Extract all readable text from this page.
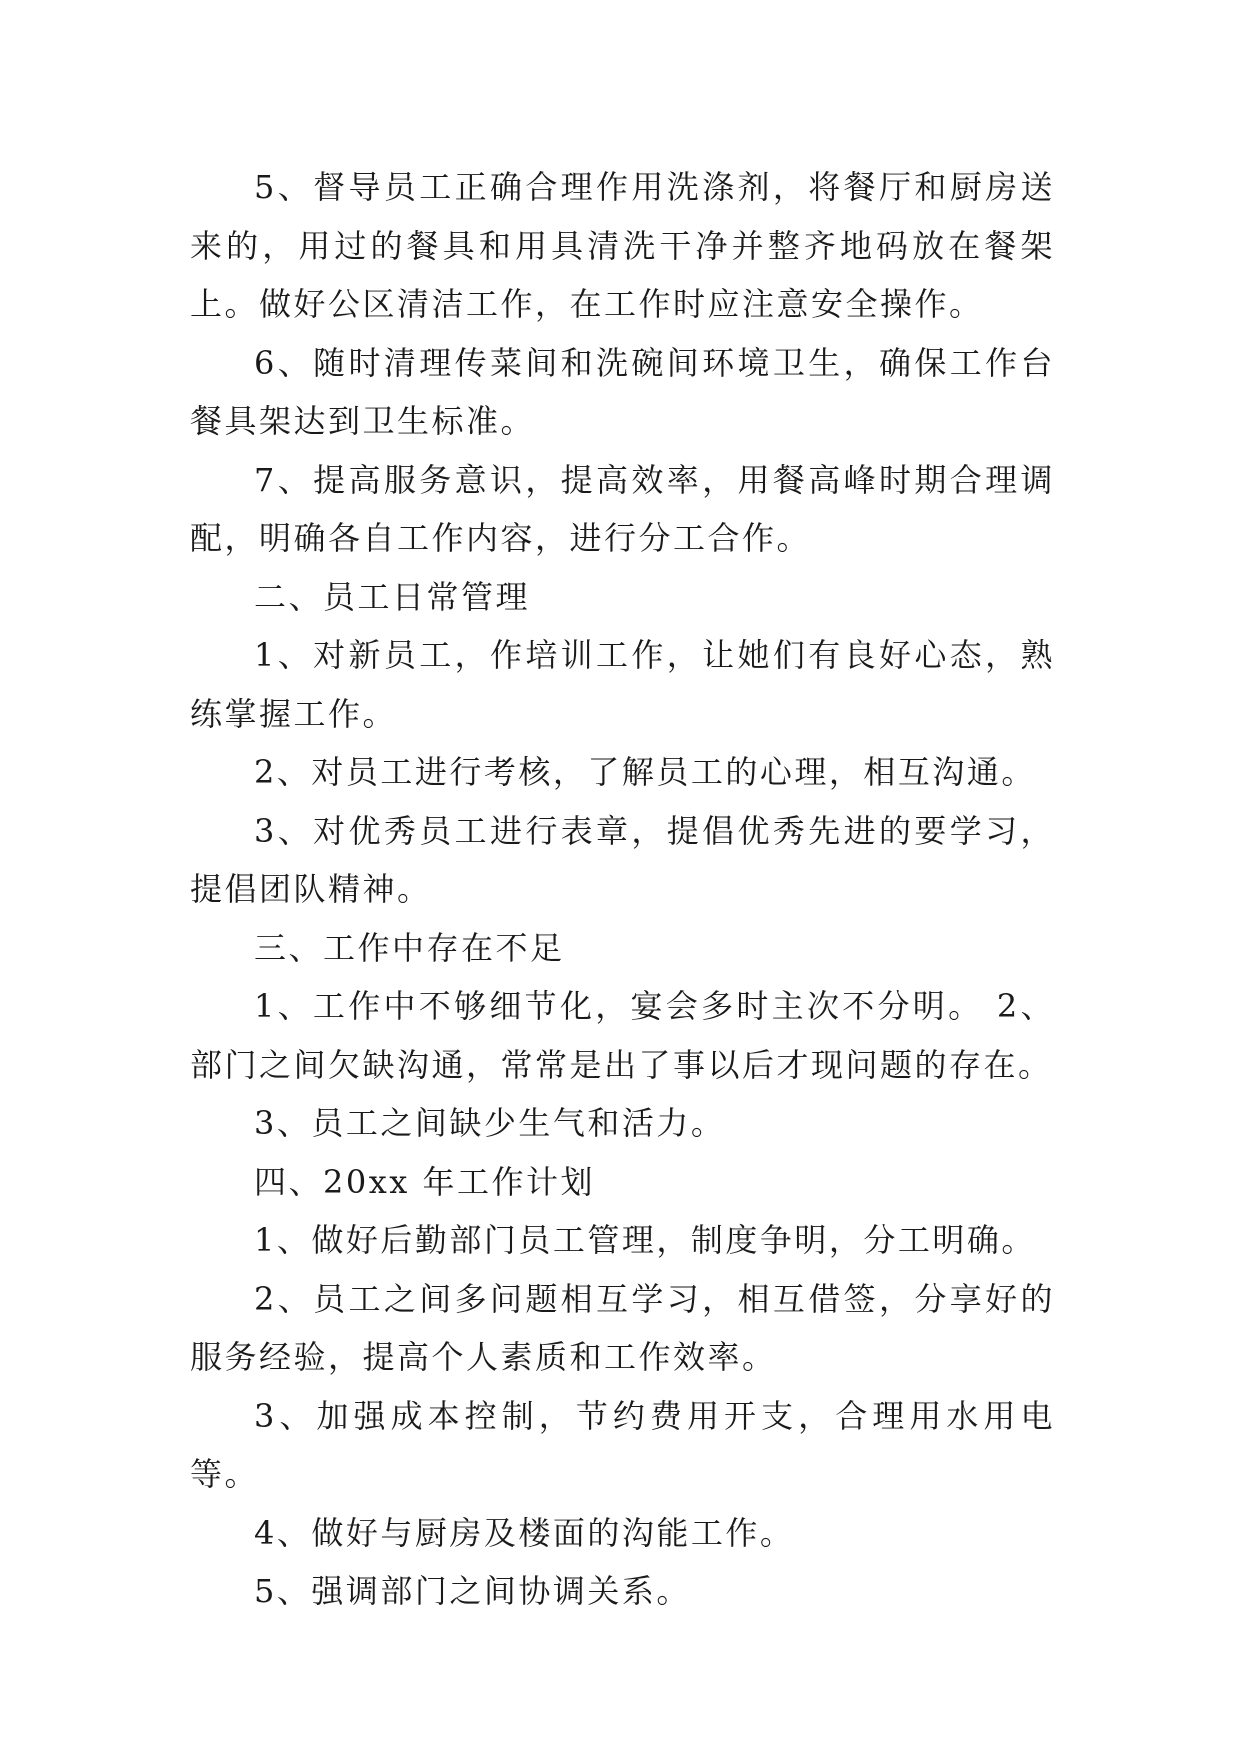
5、督导员工正确合理作用洗涤剂，将餐厅和厨房送来的，用过的餐具和用具清洗干净并整齐地码放在餐架上。做好公区清洁工作，在工作时应注意安全操作。

6、随时清理传菜间和洗碗间环境卫生，确保工作台餐具架达到卫生标准。

7、提高服务意识，提高效率，用餐高峰时期合理调配，明确各自工作内容，进行分工合作。

二、员工日常管理

1、对新员工，作培训工作，让她们有良好心态，熟练掌握工作。

2、对员工进行考核，了解员工的心理，相互沟通。

3、对优秀员工进行表章，提倡优秀先进的要学习，提倡团队精神。

三、工作中存在不足

1、工作中不够细节化，宴会多时主次不分明。 2、部门之间欠缺沟通，常常是出了事以后才现问题的存在。

3、员工之间缺少生气和活力。

四、20xx 年工作计划

1、做好后勤部门员工管理，制度争明，分工明确。

2、员工之间多问题相互学习，相互借签，分享好的服务经验，提高个人素质和工作效率。

3、加强成本控制，节约费用开支，合理用水用电等。

4、做好与厨房及楼面的沟能工作。

5、强调部门之间协调关系。
